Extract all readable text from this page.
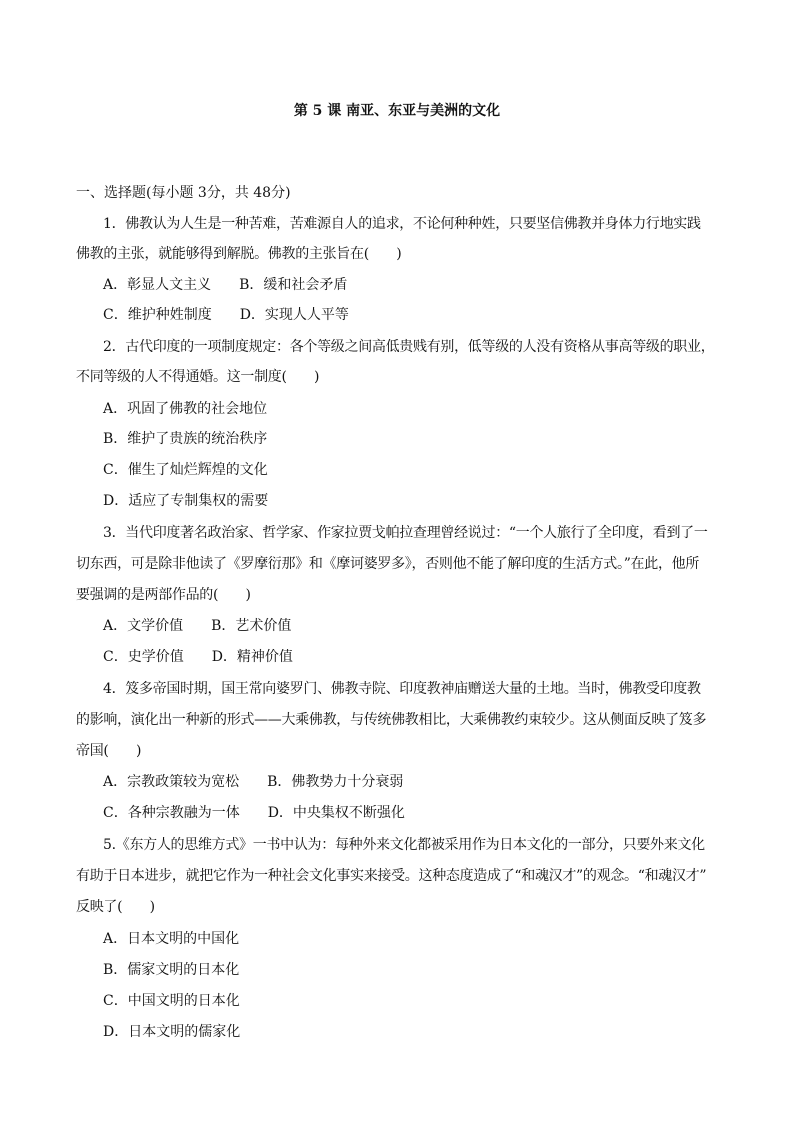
第 5 课 南亚、东亚与美洲的文化
一、选择题(每小题 3分，共 48分)
1．佛教认为人生是一种苦难，苦难源自人的追求，不论何种种姓，只要坚信佛教并身体力行地实践
佛教的主张，就能够得到解脱。佛教的主张旨在(　　)
A．彰显人文主义　　B．缓和社会矛盾
C．维护种姓制度　　D．实现人人平等
2．古代印度的一项制度规定：各个等级之间高低贵贱有别，低等级的人没有资格从事高等级的职业，
不同等级的人不得通婚。这一制度(　　)
A．巩固了佛教的社会地位
B．维护了贵族的统治秩序
C．催生了灿烂辉煌的文化
D．适应了专制集权的需要
3．当代印度著名政治家、哲学家、作家拉贾戈帕拉查理曾经说过：“一个人旅行了全印度，看到了一
切东西，可是除非他读了《罗摩衍那》和《摩诃婆罗多》，否则他不能了解印度的生活方式。”在此，他所
要强调的是两部作品的(　　)
A．文学价值　　B．艺术价值
C．史学价值　　D．精神价值
4．笈多帝国时期，国王常向婆罗门、佛教寺院、印度教神庙赠送大量的土地。当时，佛教受印度教
的影响，演化出一种新的形式——大乘佛教，与传统佛教相比，大乘佛教约束较少。这从侧面反映了笈多
帝国(　　)
A．宗教政策较为宽松　　B．佛教势力十分衰弱
C．各种宗教融为一体　　D．中央集权不断强化
5.《东方人的思维方式》一书中认为：每种外来文化都被采用作为日本文化的一部分，只要外来文化
有助于日本进步，就把它作为一种社会文化事实来接受。这种态度造成了“和魂汉才”的观念。“和魂汉才”
反映了(　　)
A．日本文明的中国化
B．儒家文明的日本化
C．中国文明的日本化
D．日本文明的儒家化
